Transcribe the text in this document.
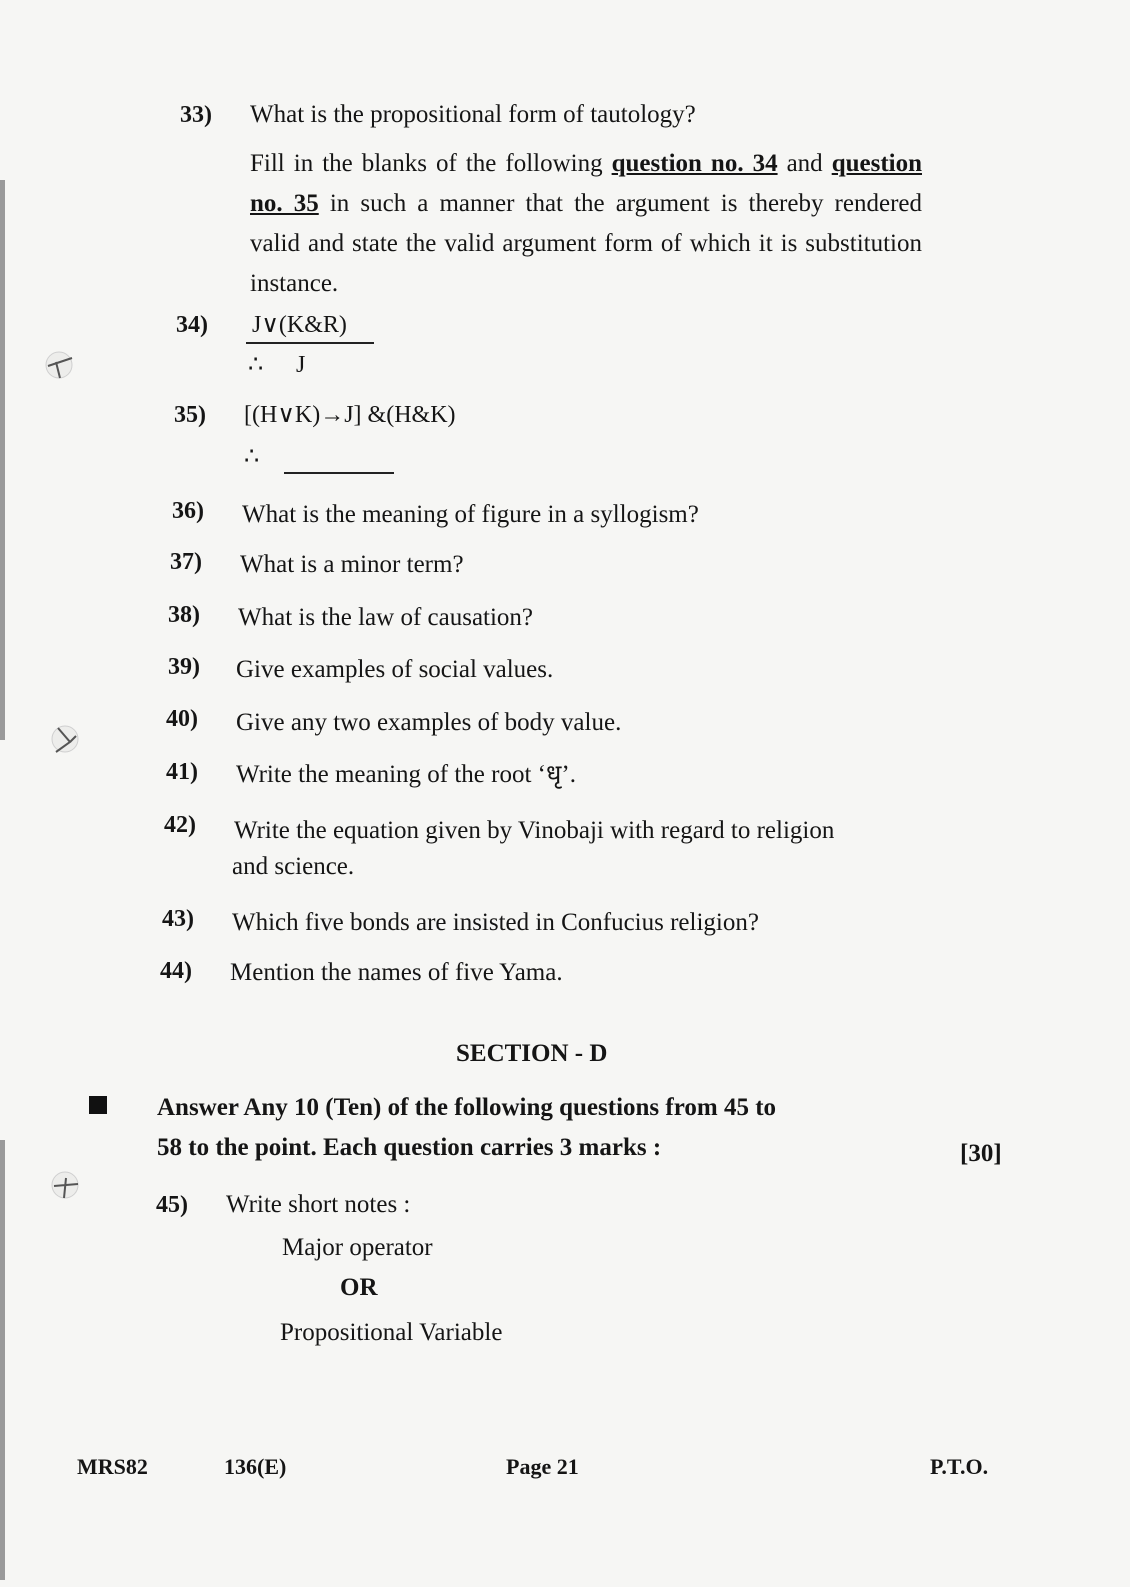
33) What is the propositional form of tautology?
Fill in the blanks of the following question no. 34 and question no. 35 in such a manner that the argument is thereby rendered valid and state the valid argument form of which it is substitution instance.
34) J∨(K&R)
∴ J
35) [(H∨K)→J] &(H&K)
∴
36) What is the meaning of figure in a syllogism?
37) What is a minor term?
38) What is the law of causation?
39) Give examples of social values.
40) Give any two examples of body value.
41) Write the meaning of the root ‘धृ’.
42) Write the equation given by Vinobaji with regard to religion
and science.
43) Which five bonds are insisted in Confucius religion?
44) Mention the names of five Yama.
SECTION - D
Answer Any 10 (Ten) of the following questions from 45 to
58 to the point. Each question carries 3 marks :	[30]
45) Write short notes :
Major operator
OR
Propositional Variable
MRS82	136(E)	Page 21	P.T.O.
